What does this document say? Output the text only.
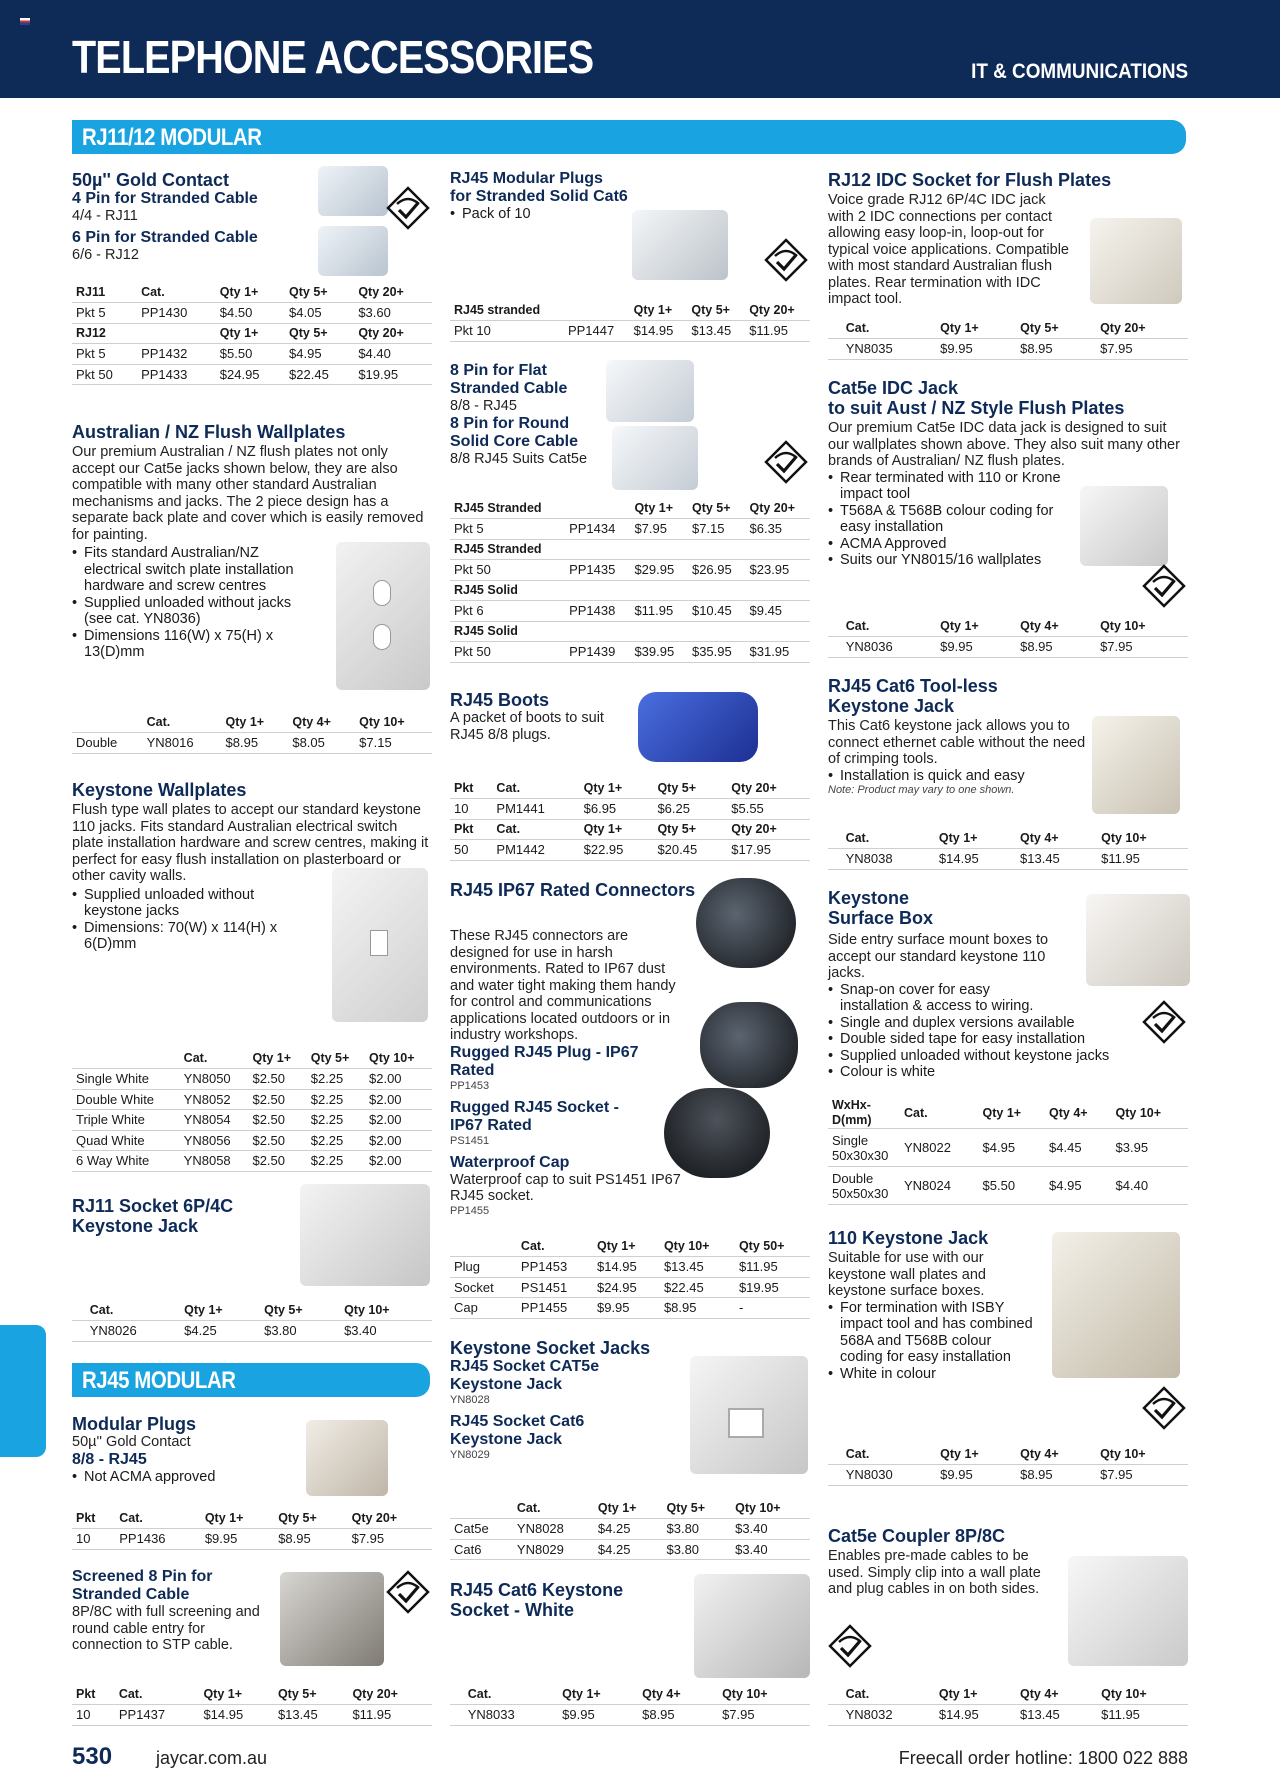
TELEPHONE ACCESSORIES	IT & COMMUNICATIONS
RJ11/12 MODULAR
RJ45 MODULAR
50µ'' Gold Contact
4 Pin for Stranded Cable
4/4 - RJ11
6 Pin for Stranded Cable
6/6 - RJ12
RJ11	Cat.	Qty 1+	Qty 5+	Qty 20+
Pkt 5	PP1430	$4.50	$4.05	$3.60
RJ12		Qty 1+	Qty 5+	Qty 20+
Pkt 5	PP1432	$5.50	$4.95	$4.40
Pkt 50	PP1433	$24.95	$22.45	$19.95
Australian / NZ Flush Wallplates
Our premium Australian / NZ flush plates not only accept our Cat5e jacks shown below, they are also compatible with many other standard Australian mechanisms and jacks. The 2 piece design has a separate back plate and cover which is easily removed for painting.
• Fits standard Australian/NZ electrical switch plate installation hardware and screw centres
• Supplied unloaded without jacks (see cat. YN8036)
• Dimensions 116(W) x 75(H) x 13(D)mm
	Cat.	Qty 1+	Qty 4+	Qty 10+
Double	YN8016	$8.95	$8.05	$7.15
Keystone Wallplates
Flush type wall plates to accept our standard keystone 110 jacks. Fits standard Australian electrical switch plate installation hardware and screw centres, making it perfect for easy flush installation on plasterboard or other cavity walls.
• Supplied unloaded without keystone jacks
• Dimensions: 70(W) x 114(H) x 6(D)mm
	Cat.	Qty 1+	Qty 5+	Qty 10+
Single White	YN8050	$2.50	$2.25	$2.00
Double White	YN8052	$2.50	$2.25	$2.00
Triple White	YN8054	$2.50	$2.25	$2.00
Quad White	YN8056	$2.50	$2.25	$2.00
6 Way White	YN8058	$2.50	$2.25	$2.00
RJ11 Socket 6P/4C
Keystone Jack
	Cat.	Qty 1+	Qty 5+	Qty 10+
	YN8026	$4.25	$3.80	$3.40
Modular Plugs
50µ'' Gold Contact
8/8 - RJ45
• Not ACMA approved
Pkt	Cat.	Qty 1+	Qty 5+	Qty 20+
10	PP1436	$9.95	$8.95	$7.95
Screened 8 Pin for
Stranded Cable
8P/8C with full screening and round cable entry for connection to STP cable.
Pkt	Cat.	Qty 1+	Qty 5+	Qty 20+
10	PP1437	$14.95	$13.45	$11.95
RJ45 Modular Plugs
for Stranded Solid Cat6
• Pack of 10
RJ45 stranded		Qty 1+	Qty 5+	Qty 20+
Pkt 10	PP1447	$14.95	$13.45	$11.95
8 Pin for Flat
Stranded Cable
8/8 - RJ45
8 Pin for Round
Solid Core Cable
8/8 RJ45 Suits Cat5e
RJ45 Stranded		Qty 1+	Qty 5+	Qty 20+
Pkt 5	PP1434	$7.95	$7.15	$6.35
RJ45 Stranded				
Pkt 50	PP1435	$29.95	$26.95	$23.95
RJ45 Solid				
Pkt 6	PP1438	$11.95	$10.45	$9.45
RJ45 Solid				
Pkt 50	PP1439	$39.95	$35.95	$31.95
RJ45 Boots
A packet of boots to suit RJ45 8/8 plugs.
Pkt	Cat.	Qty 1+	Qty 5+	Qty 20+
10	PM1441	$6.95	$6.25	$5.55
Pkt	Cat.	Qty 1+	Qty 5+	Qty 20+
50	PM1442	$22.95	$20.45	$17.95
RJ45 IP67 Rated Connectors
These RJ45 connectors are designed for use in harsh environments. Rated to IP67 dust and water tight making them handy for control and communications applications located outdoors or in industry workshops.
Rugged RJ45 Plug - IP67
Rated
PP1453
Rugged RJ45 Socket -
IP67 Rated
PS1451
Waterproof Cap
Waterproof cap to suit PS1451 IP67 RJ45 socket.
PP1455
	Cat.	Qty 1+	Qty 10+	Qty 50+
Plug	PP1453	$14.95	$13.45	$11.95
Socket	PS1451	$24.95	$22.45	$19.95
Cap	PP1455	$9.95	$8.95	-
Keystone Socket Jacks
RJ45 Socket CAT5e
Keystone Jack
YN8028
RJ45 Socket Cat6
Keystone Jack
YN8029
	Cat.	Qty 1+	Qty 5+	Qty 10+
Cat5e	YN8028	$4.25	$3.80	$3.40
Cat6	YN8029	$4.25	$3.80	$3.40
RJ45 Cat6 Keystone
Socket - White
	Cat.	Qty 1+	Qty 4+	Qty 10+
	YN8033	$9.95	$8.95	$7.95
RJ12 IDC Socket for Flush Plates
Voice grade RJ12 6P/4C IDC jack with 2 IDC connections per contact allowing easy loop-in, loop-out for typical voice applications. Compatible with most standard Australian flush plates. Rear termination with IDC impact tool.
	Cat.	Qty 1+	Qty 5+	Qty 20+
	YN8035	$9.95	$8.95	$7.95
Cat5e IDC Jack
to suit Aust / NZ Style Flush Plates
Our premium Cat5e IDC data jack is designed to suit our wallplates shown above. They also suit many other brands of Australian/ NZ flush plates.
• Rear terminated with 110 or Krone impact tool
• T568A & T568B colour coding for easy installation
• ACMA Approved
• Suits our YN8015/16 wallplates
	Cat.	Qty 1+	Qty 4+	Qty 10+
	YN8036	$9.95	$8.95	$7.95
RJ45 Cat6 Tool-less
Keystone Jack
This Cat6 keystone jack allows you to connect ethernet cable without the need of crimping tools.
• Installation is quick and easy
Note: Product may vary to one shown.
	Cat.	Qty 1+	Qty 4+	Qty 10+
	YN8038	$14.95	$13.45	$11.95
Keystone
Surface Box
Side entry surface mount boxes to accept our standard keystone 110 jacks.
• Snap-on cover for easy installation & access to wiring.
• Single and duplex versions available
• Double sided tape for easy installation
• Supplied unloaded without keystone jacks
• Colour is white
WxHx-D(mm)	Cat.	Qty 1+	Qty 4+	Qty 10+
Single 50x30x30	YN8022	$4.95	$4.45	$3.95
Double 50x50x30	YN8024	$5.50	$4.95	$4.40
110 Keystone Jack
Suitable for use with our keystone wall plates and keystone surface boxes.
• For termination with ISBY impact tool and has combined 568A and T568B colour coding for easy installation
• White in colour
	Cat.	Qty 1+	Qty 4+	Qty 10+
	YN8030	$9.95	$8.95	$7.95
Cat5e Coupler 8P/8C
Enables pre-made cables to be used. Simply clip into a wall plate and plug cables in on both sides.
	Cat.	Qty 1+	Qty 4+	Qty 10+
	YN8032	$14.95	$13.45	$11.95
530 jaycar.com.au	Freecall order hotline: 1800 022 888
